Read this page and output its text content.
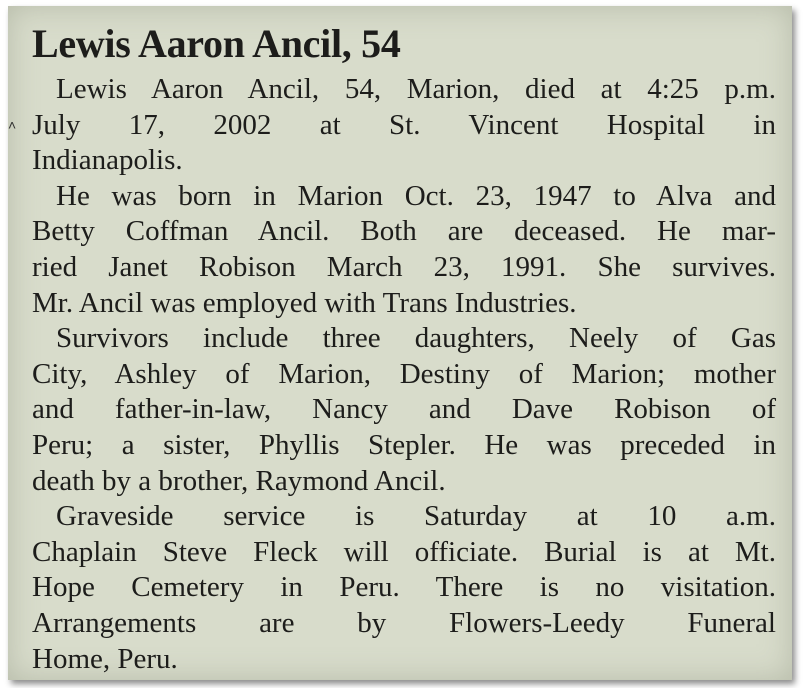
˄
Lewis Aaron Ancil, 54

Lewis Aaron Ancil, 54, Marion, died at 4:25 p.m.
July 17, 2002 at St. Vincent Hospital in
Indianapolis.

He was born in Marion Oct. 23, 1947 to Alva and
Betty Coffman Ancil. Both are deceased. He mar-
ried Janet Robison March 23, 1991. She survives.
Mr. Ancil was employed with Trans Industries.

Survivors include three daughters, Neely of Gas
City, Ashley of Marion, Destiny of Marion; mother
and father-in-law, Nancy and Dave Robison of
Peru; a sister, Phyllis Stepler. He was preceded in
death by a brother, Raymond Ancil.

Graveside service is Saturday at 10 a.m.
Chaplain Steve Fleck will officiate. Burial is at Mt.
Hope Cemetery in Peru. There is no visitation.
Arrangements are by Flowers-Leedy Funeral
Home, Peru.
